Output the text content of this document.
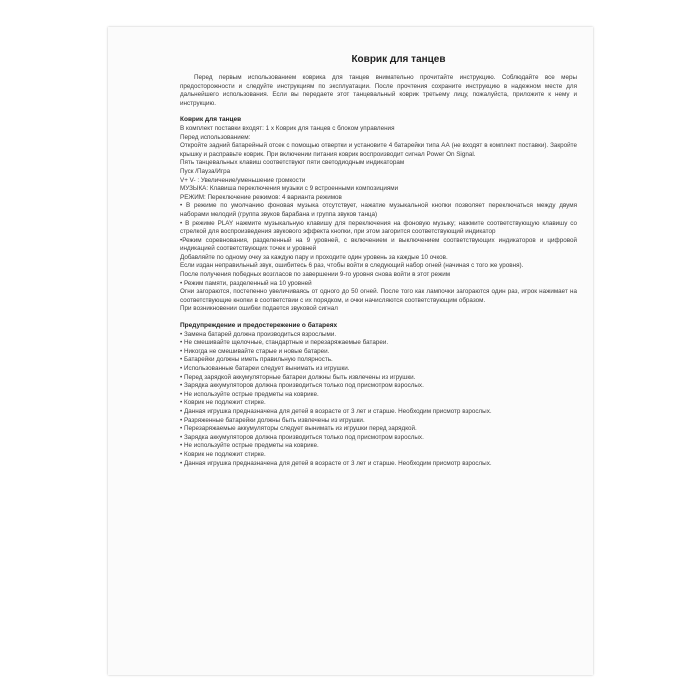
Коврик для танцев

Перед первым использованием коврика для танцев внимательно прочитайте инструкцию. Соблюдайте все меры предосторожности и следуйте инструкциям по эксплуатации. После прочтения сохраните инструкцию в надежном месте для дальнейшего использования. Если вы передаете этот танцевальный коврик третьему лицу, пожалуйста, приложите к нему и инструкцию.

Коврик для танцев

В комплект поставки входят: 1 x Коврик для танцев с блоком управления

Перед использованием:

Откройте задний батарейный отсек с помощью отвертки и установите 4 батарейки типа АА (не входят в комплект поставки). Закройте крышку и расправьте коврик. При включении питания коврик воспроизводит сигнал Power On Signal.

Пять танцевальных клавиш соответствуют пяти светодиодным индикаторам

Пуск /Пауза/Игра

V+ V- : Увеличение/уменьшение громкости

МУЗЫКА: Клавиша переключения музыки с 9 встроенными композициями

РЕЖИМ: Переключение режимов: 4 варианта режимов

• В режиме по умолчанию фоновая музыка отсутствует, нажатие музыкальной кнопки позволяет переключаться между двумя наборами мелодий (группа звуков барабана и группа звуков танца)

• В режиме PLAY нажмите музыкальную клавишу для переключения на фоновую музыку; нажмите соответствующую клавишу со стрелкой для воспроизведения звукового эффекта кнопки, при этом загорится соответствующий индикатор

•Режим соревнования, разделенный на 9 уровней, с включением и выключением соответствующих индикаторов и цифровой индикацией соответствующих точек и уровней

Добавляйте по одному очку за каждую пару и проходите один уровень за каждые 10 очков.

Если издан неправильный звук, ошибитесь 6 раз, чтобы войти в следующий набор огней (начиная с того же уровня).

После получения победных возгласов по завершении 9-го уровня снова войти в этот режим

• Режим памяти, разделенный на 10 уровней

Огни загораются, постепенно увеличиваясь от одного до 50 огней. После того как лампочки загораются один раз, игрок нажимает на соответствующие кнопки в соответствии с их порядком, и очки начисляются соответствующим образом.

При возникновении ошибки подается звуковой сигнал

Предупреждение и предостережение о батареях

• Замена батарей должна производиться взрослыми.

• Не смешивайте щелочные, стандартные и перезаряжаемые батареи.

• Никогда не смешивайте старые и новые батареи.

• Батарейки должны иметь правильную полярность.

• Использованные батареи следует вынимать из игрушки.

• Перед зарядкой аккумуляторные батареи должны быть извлечены из игрушки.

• Зарядка аккумуляторов должна производиться только под присмотром взрослых.

• Не используйте острые предметы на коврике.

• Коврик не подлежит стирке.

• Данная игрушка предназначена для детей в возрасте от 3 лет и старше. Необходим присмотр взрослых.

• Разряженные батарейки должны быть извлечены из игрушки.

• Перезаряжаемые аккумуляторы следует вынимать из игрушки перед зарядкой.

• Зарядка аккумуляторов должна производиться только под присмотром взрослых.

• Не используйте острые предметы на коврике.

• Коврик не подлежит стирке.

• Данная игрушка предназначена для детей в возрасте от 3 лет и старше. Необходим присмотр взрослых.
